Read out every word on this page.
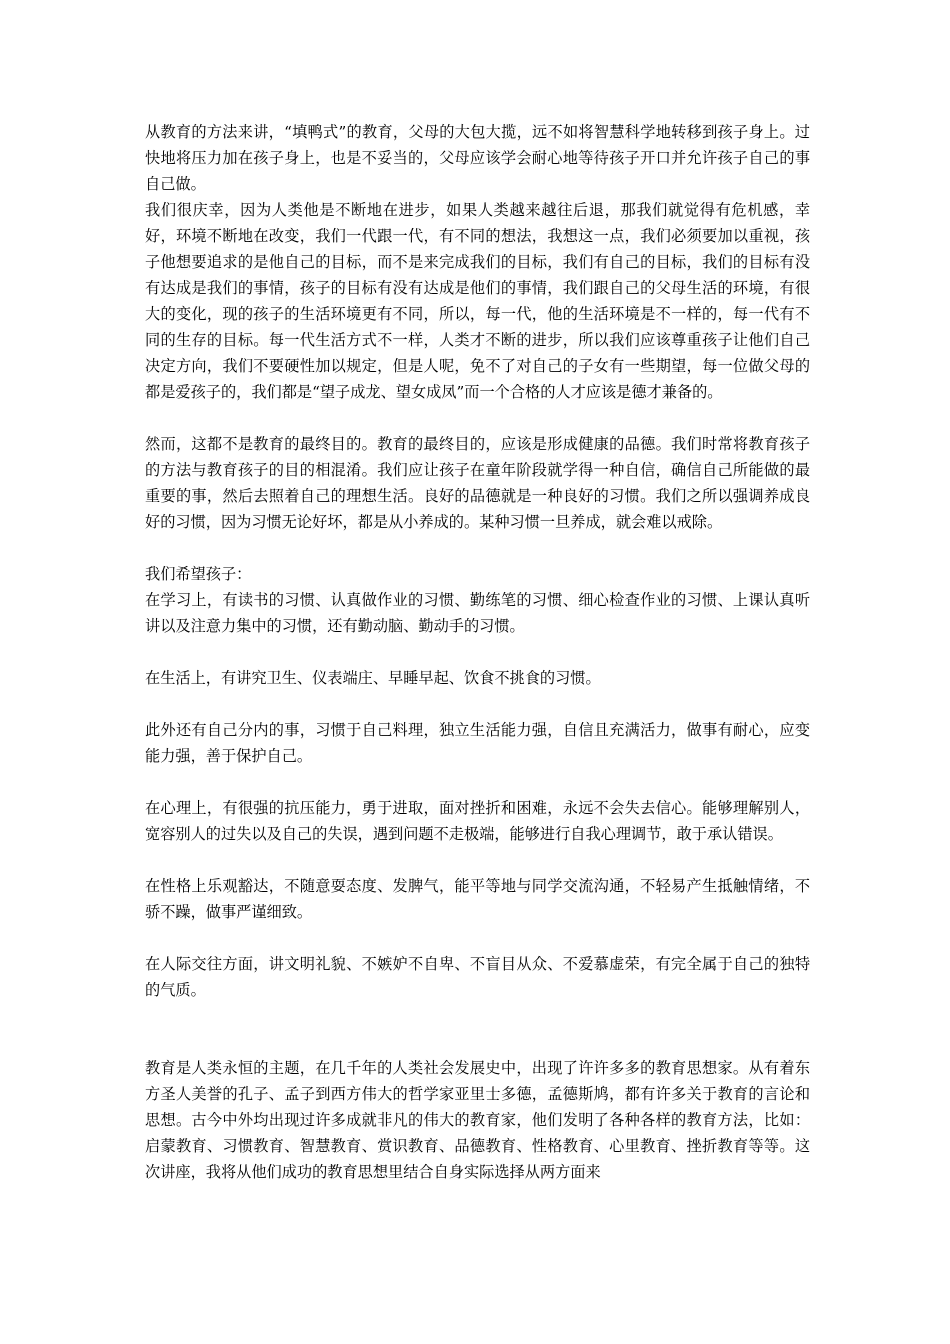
从教育的方法来讲，“填鸭式”的教育，父母的大包大揽，远不如将智慧科学地转移到孩子身上。过快地将压力加在孩子身上，也是不妥当的，父母应该学会耐心地等待孩子开口并允许孩子自己的事自己做。

我们很庆幸，因为人类他是不断地在进步，如果人类越来越往后退，那我们就觉得有危机感，幸好，环境不断地在改变，我们一代跟一代，有不同的想法，我想这一点，我们必须要加以重视，孩子他想要追求的是他自己的目标，而不是来完成我们的目标，我们有自己的目标，我们的目标有没有达成是我们的事情，孩子的目标有没有达成是他们的事情，我们跟自己的父母生活的环境，有很大的变化，现的孩子的生活环境更有不同，所以，每一代，他的生活环境是不一样的，每一代有不同的生存的目标。每一代生活方式不一样，人类才不断的进步，所以我们应该尊重孩子让他们自己决定方向，我们不要硬性加以规定，但是人呢，免不了对自己的子女有一些期望，每一位做父母的都是爱孩子的，我们都是“望子成龙、望女成凤”而一个合格的人才应该是德才兼备的。

然而，这都不是教育的最终目的。教育的最终目的，应该是形成健康的品德。我们时常将教育孩子的方法与教育孩子的目的相混淆。我们应让孩子在童年阶段就学得一种自信，确信自己所能做的最重要的事，然后去照着自己的理想生活。良好的品德就是一种良好的习惯。我们之所以强调养成良好的习惯，因为习惯无论好坏，都是从小养成的。某种习惯一旦养成，就会难以戒除。

我们希望孩子：

在学习上，有读书的习惯、认真做作业的习惯、勤练笔的习惯、细心检查作业的习惯、上课认真听讲以及注意力集中的习惯，还有勤动脑、勤动手的习惯。

在生活上，有讲究卫生、仪表端庄、早睡早起、饮食不挑食的习惯。

此外还有自己分内的事，习惯于自己料理，独立生活能力强，自信且充满活力，做事有耐心，应变能力强，善于保护自己。

在心理上，有很强的抗压能力，勇于进取，面对挫折和困难，永远不会失去信心。能够理解别人，宽容别人的过失以及自己的失误，遇到问题不走极端，能够进行自我心理调节，敢于承认错误。

在性格上乐观豁达，不随意耍态度、发脾气，能平等地与同学交流沟通，不轻易产生抵触情绪，不骄不躁，做事严谨细致。

在人际交往方面，讲文明礼貌、不嫉妒不自卑、不盲目从众、不爱慕虚荣，有完全属于自己的独特的气质。

教育是人类永恒的主题，在几千年的人类社会发展史中，出现了许许多多的教育思想家。从有着东方圣人美誉的孔子、孟子到西方伟大的哲学家亚里士多德，孟德斯鸠，都有许多关于教育的言论和思想。古今中外均出现过许多成就非凡的伟大的教育家，他们发明了各种各样的教育方法，比如：启蒙教育、习惯教育、智慧教育、赏识教育、品德教育、性格教育、心里教育、挫折教育等等。这次讲座，我将从他们成功的教育思想里结合自身实际选择从两方面来
